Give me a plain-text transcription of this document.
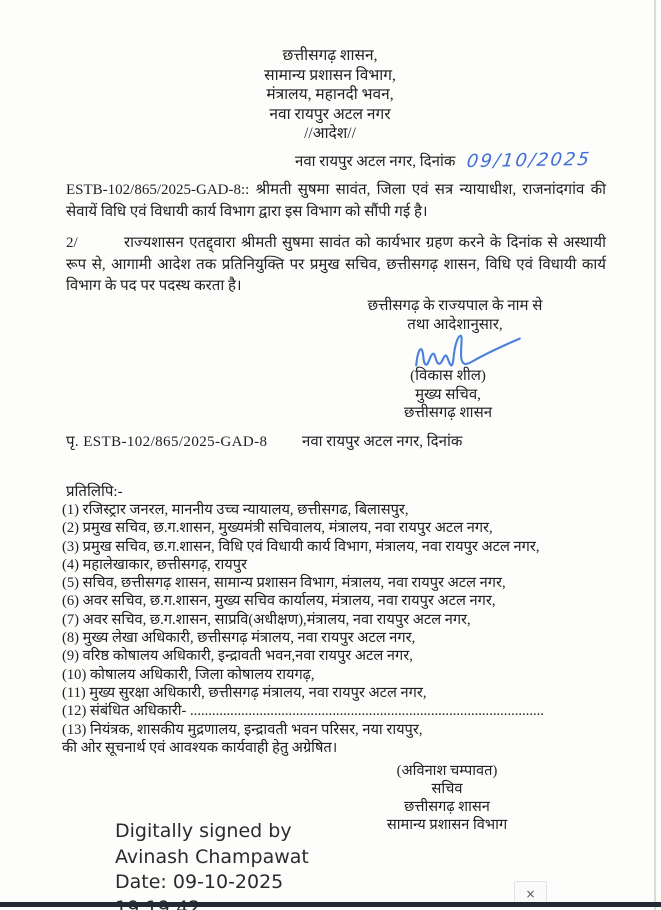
छत्तीसगढ़ शासन,
सामान्य प्रशासन विभाग,
मंत्रालय, महानदी भवन,
नवा रायपुर अटल नगर
//आदेश//
नवा रायपुर अटल नगर, दिनांक 09/10/2025

ESTB-102/865/2025-GAD-8:: श्रीमती सुषमा सावंत, जिला एवं सत्र न्यायाधीश, राजनांदगांव की सेवायें विधि एवं विधायी कार्य विभाग द्वारा इस विभाग को सौंपी गई है।

2/	राज्यशासन एतद्द्वारा श्रीमती सुषमा सावंत को कार्यभार ग्रहण करने के दिनांक से अस्थायी रूप से, आगामी आदेश तक प्रतिनियुक्ति पर प्रमुख सचिव, छत्तीसगढ़ शासन, विधि एवं विधायी कार्य विभाग के पद पर पदस्थ करता है।

छत्तीसगढ़ के राज्यपाल के नाम से
तथा आदेशानुसार,
(विकास शील)
मुख्य सचिव,
छत्तीसगढ़ शासन
पृ. ESTB-102/865/2025-GAD-8 नवा रायपुर अटल नगर, दिनांक
प्रतिलिपि:-
(1) रजिस्ट्रार जनरल, माननीय उच्च न्यायालय, छत्तीसगढ, बिलासपुर,
(2) प्रमुख सचिव, छ.ग.शासन, मुख्यमंत्री सचिवालय, मंत्रालय, नवा रायपुर अटल नगर,
(3) प्रमुख सचिव, छ.ग.शासन, विधि एवं विधायी कार्य विभाग, मंत्रालय, नवा रायपुर अटल नगर,
(4) महालेखाकार, छत्तीसगढ़, रायपुर
(5) सचिव, छत्तीसगढ़ शासन, सामान्य प्रशासन विभाग, मंत्रालय, नवा रायपुर अटल नगर,
(6) अवर सचिव, छ.ग.शासन, मुख्य सचिव कार्यालय, मंत्रालय, नवा रायपुर अटल नगर,
(7) अवर सचिव, छ.ग.शासन, साप्रवि(अधीक्षण),मंत्रालय, नवा रायपुर अटल नगर,
(8) मुख्य लेखा अधिकारी, छत्तीसगढ़ मंत्रालय, नवा रायपुर अटल नगर,
(9) वरिष्ठ कोषालय अधिकारी, इन्द्रावती भवन,नवा रायपुर अटल नगर,
(10) कोषालय अधिकारी, जिला कोषालय रायगढ़,
(11) मुख्य सुरक्षा अधिकारी, छत्तीसगढ़ मंत्रालय, नवा रायपुर अटल नगर,
(12) संबंधित अधिकारी- .................................................................................................
(13) नियंत्रक, शासकीय मुद्रणालय, इन्द्रावती भवन परिसर, नया रायपुर,
की ओर सूचनार्थ एवं आवश्यक कार्यवाही हेतु अग्रेषित।
(अविनाश चम्पावत)
सचिव
छत्तीसगढ़ शासन
सामान्य प्रशासन विभाग
Digitally signed by
Avinash Champawat
Date: 09-10-2025
×
